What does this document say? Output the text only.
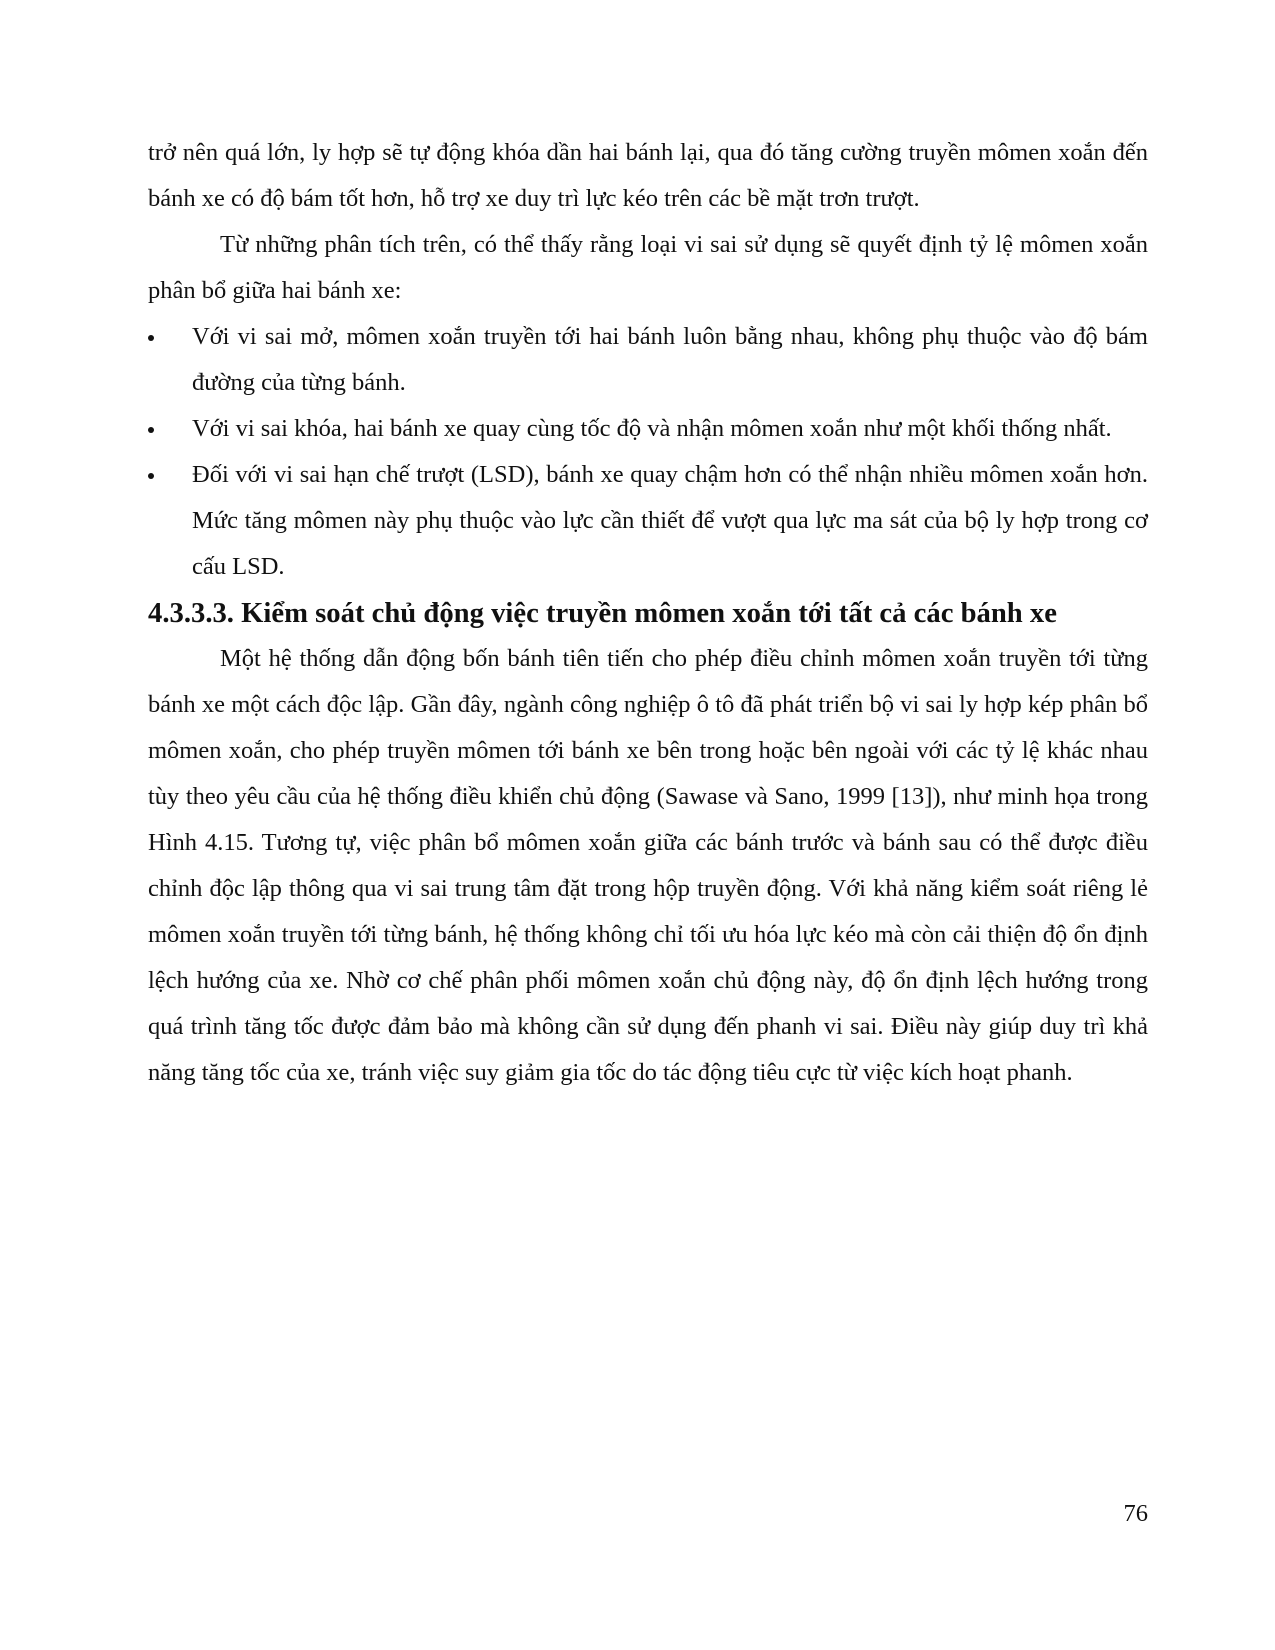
trở nên quá lớn, ly hợp sẽ tự động khóa dần hai bánh lại, qua đó tăng cường truyền mômen xoắn đến bánh xe có độ bám tốt hơn, hỗ trợ xe duy trì lực kéo trên các bề mặt trơn trượt.

Từ những phân tích trên, có thể thấy rằng loại vi sai sử dụng sẽ quyết định tỷ lệ mômen xoắn phân bổ giữa hai bánh xe:

Với vi sai mở, mômen xoắn truyền tới hai bánh luôn bằng nhau, không phụ thuộc vào độ bám đường của từng bánh.
Với vi sai khóa, hai bánh xe quay cùng tốc độ và nhận mômen xoắn như một khối thống nhất.
Đối với vi sai hạn chế trượt (LSD), bánh xe quay chậm hơn có thể nhận nhiều mômen xoắn hơn. Mức tăng mômen này phụ thuộc vào lực cần thiết để vượt qua lực ma sát của bộ ly hợp trong cơ cấu LSD.
4.3.3.3. Kiểm soát chủ động việc truyền mômen xoắn tới tất cả các bánh xe

Một hệ thống dẫn động bốn bánh tiên tiến cho phép điều chỉnh mômen xoắn truyền tới từng bánh xe một cách độc lập. Gần đây, ngành công nghiệp ô tô đã phát triển bộ vi sai ly hợp kép phân bổ mômen xoắn, cho phép truyền mômen tới bánh xe bên trong hoặc bên ngoài với các tỷ lệ khác nhau tùy theo yêu cầu của hệ thống điều khiển chủ động (Sawase và Sano, 1999 [13]), như minh họa trong Hình 4.15. Tương tự, việc phân bổ mômen xoắn giữa các bánh trước và bánh sau có thể được điều chỉnh độc lập thông qua vi sai trung tâm đặt trong hộp truyền động. Với khả năng kiểm soát riêng lẻ mômen xoắn truyền tới từng bánh, hệ thống không chỉ tối ưu hóa lực kéo mà còn cải thiện độ ổn định lệch hướng của xe. Nhờ cơ chế phân phối mômen xoắn chủ động này, độ ổn định lệch hướng trong quá trình tăng tốc được đảm bảo mà không cần sử dụng đến phanh vi sai. Điều này giúp duy trì khả năng tăng tốc của xe, tránh việc suy giảm gia tốc do tác động tiêu cực từ việc kích hoạt phanh.

76
